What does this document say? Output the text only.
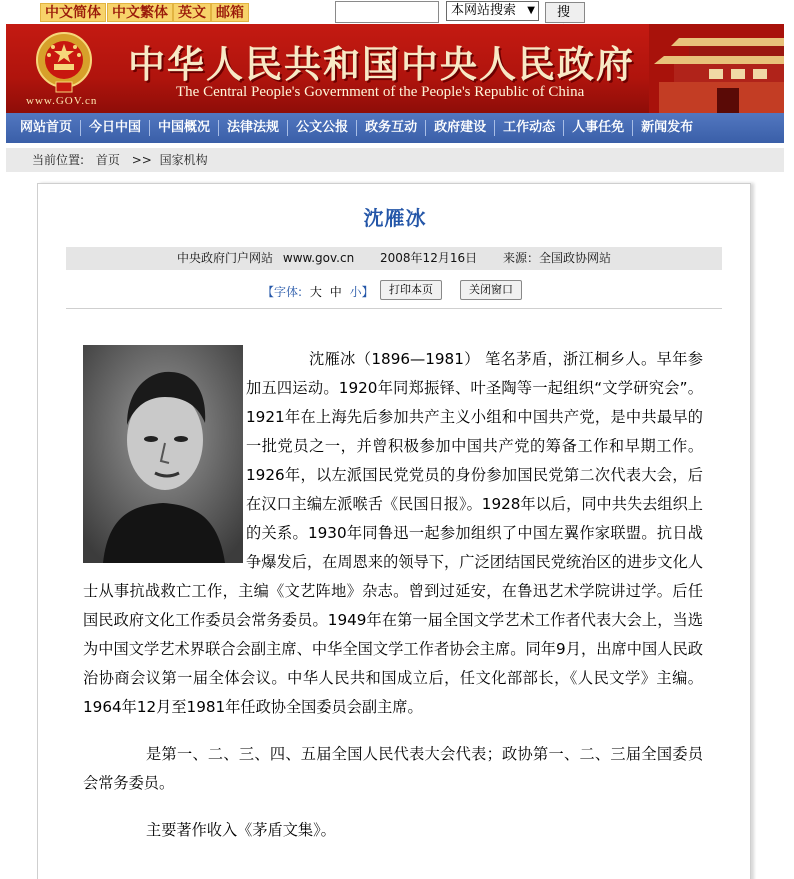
中文简体 中文繁体 英文 邮箱	本网站搜索 ▼	搜
www.GOV.cn
中华人民共和国中央人民政府
The Central People's Government of the People's Republic of China
网站首页	今日中国	中国概况	法律法规	公文公报	政务互动	政府建设	工作动态	人事任免	新闻发布
当前位置: 首页 >> 国家机构
沈雁冰
中央政府门户网站 www.gov.cn 2008年12月16日 来源：全国政协网站
【字体: 大 中 小】	打印本页	关闭窗口

沈雁冰（1896—1981） 笔名茅盾，浙江桐乡人。早年参加五四运动。1920年同郑振铎、叶圣陶等一起组织“文学研究会”。1921年在上海先后参加共产主义小组和中国共产党，是中共最早的一批党员之一，并曾积极参加中国共产党的筹备工作和早期工作。1926年，以左派国民党党员的身份参加国民党第二次代表大会，后在汉口主编左派喉舌《民国日报》。1928年以后，同中共失去组织上的关系。1930年同鲁迅一起参加组织了中国左翼作家联盟。抗日战争爆发后，在周恩来的领导下，广泛团结国民党统治区的进步文化人士从事抗战救亡工作，主编《文艺阵地》杂志。曾到过延安，在鲁迅艺术学院讲过学。后任国民政府文化工作委员会常务委员。1949年在第一届全国文学艺术工作者代表大会上，当选为中国文学艺术界联合会副主席、中华全国文学工作者协会主席。同年9月，出席中国人民政治协商会议第一届全体会议。中华人民共和国成立后，任文化部部长，《人民文学》主编。1964年12月至1981年任政协全国委员会副主席。

是第一、二、三、四、五届全国人民代表大会代表；政协第一、二、三届全国委员会常务委员。

主要著作收入《茅盾文集》。
